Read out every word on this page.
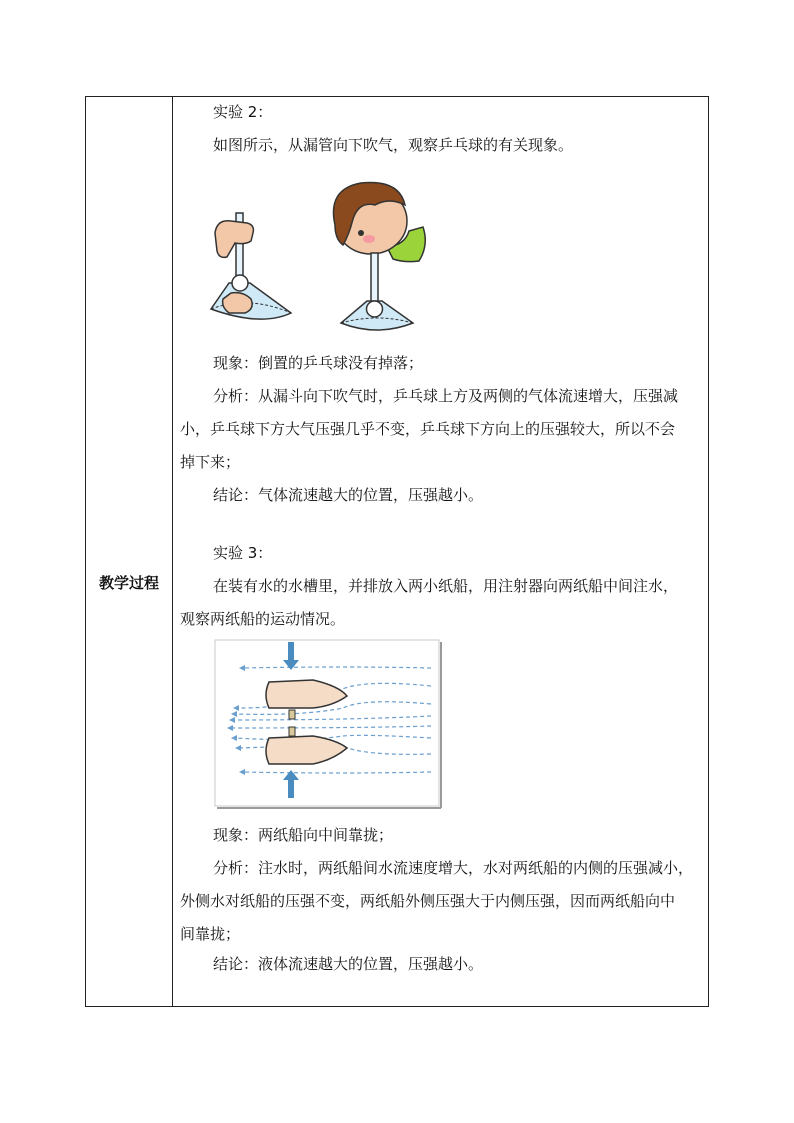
教学过程
实验 2：
如图所示，从漏管向下吹气，观察乒乓球的有关现象。
现象：倒置的乒乓球没有掉落；
分析：从漏斗向下吹气时，乒乓球上方及两侧的气体流速增大，压强减
小，乒乓球下方大气压强几乎不变，乒乓球下方向上的压强较大，所以不会
掉下来；
结论：气体流速越大的位置，压强越小。
实验 3：
在装有水的水槽里，并排放入两小纸船，用注射器向两纸船中间注水，
观察两纸船的运动情况。
现象：两纸船向中间靠拢；
分析：注水时，两纸船间水流速度增大，水对两纸船的内侧的压强减小，
外侧水对纸船的压强不变，两纸船外侧压强大于内侧压强，因而两纸船向中
间靠拢；
结论：液体流速越大的位置，压强越小。
